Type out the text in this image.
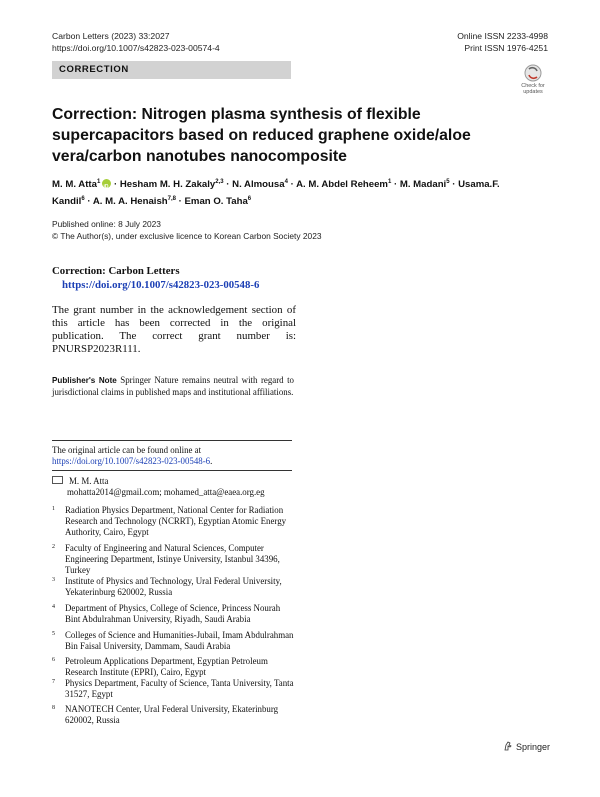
Carbon Letters (2023) 33:2027
https://doi.org/10.1007/s42823-023-00574-4
Online ISSN 2233-4998
Print ISSN 1976-4251
CORRECTION
Check for
updates
Correction: Nitrogen plasma synthesis of flexible supercapacitors based on reduced graphene oxide/aloe vera/carbon nanotubes nanocomposite
M. M. Atta$^1$iD · Hesham M. H. Zakaly$^{2,3}$ · N. Almousa$^4$ · A. M. Abdel Reheem$^1$ · M. Madani$^5$ · Usama.F. Kandil$^6$ · A. M. A. Henaish$^{7,8}$ · Eman O. Taha$^6$
Published online: 8 July 2023
© The Author(s), under exclusive licence to Korean Carbon Society 2023
Correction: Carbon Letters
https://doi.org/10.1007/s42823-023-00548-6
The grant number in the acknowledgement section of this article has been corrected in the original publication. The correct grant number is: PNURSP2023R111.
Publisher's Note Springer Nature remains neutral with regard to jurisdictional claims in published maps and institutional affiliations.
The original article can be found online at https://doi.org/10.1007/s42823-023-00548-6.
M. M. Atta
mohatta2014@gmail.com; mohamed_atta@eaea.org.eg
1 Radiation Physics Department, National Center for Radiation Research and Technology (NCRRT), Egyptian Atomic Energy Authority, Cairo, Egypt
2 Faculty of Engineering and Natural Sciences, Computer Engineering Department, Istinye University, Istanbul 34396, Turkey
3 Institute of Physics and Technology, Ural Federal University, Yekaterinburg 620002, Russia
4 Department of Physics, College of Science, Princess Nourah Bint Abdulrahman University, Riyadh, Saudi Arabia
5 Colleges of Science and Humanities-Jubail, Imam Abdulrahman Bin Faisal University, Dammam, Saudi Arabia
6 Petroleum Applications Department, Egyptian Petroleum Research Institute (EPRI), Cairo, Egypt
7 Physics Department, Faculty of Science, Tanta University, Tanta 31527, Egypt
8 NANOTECH Center, Ural Federal University, Ekaterinburg 620002, Russia
Springer
